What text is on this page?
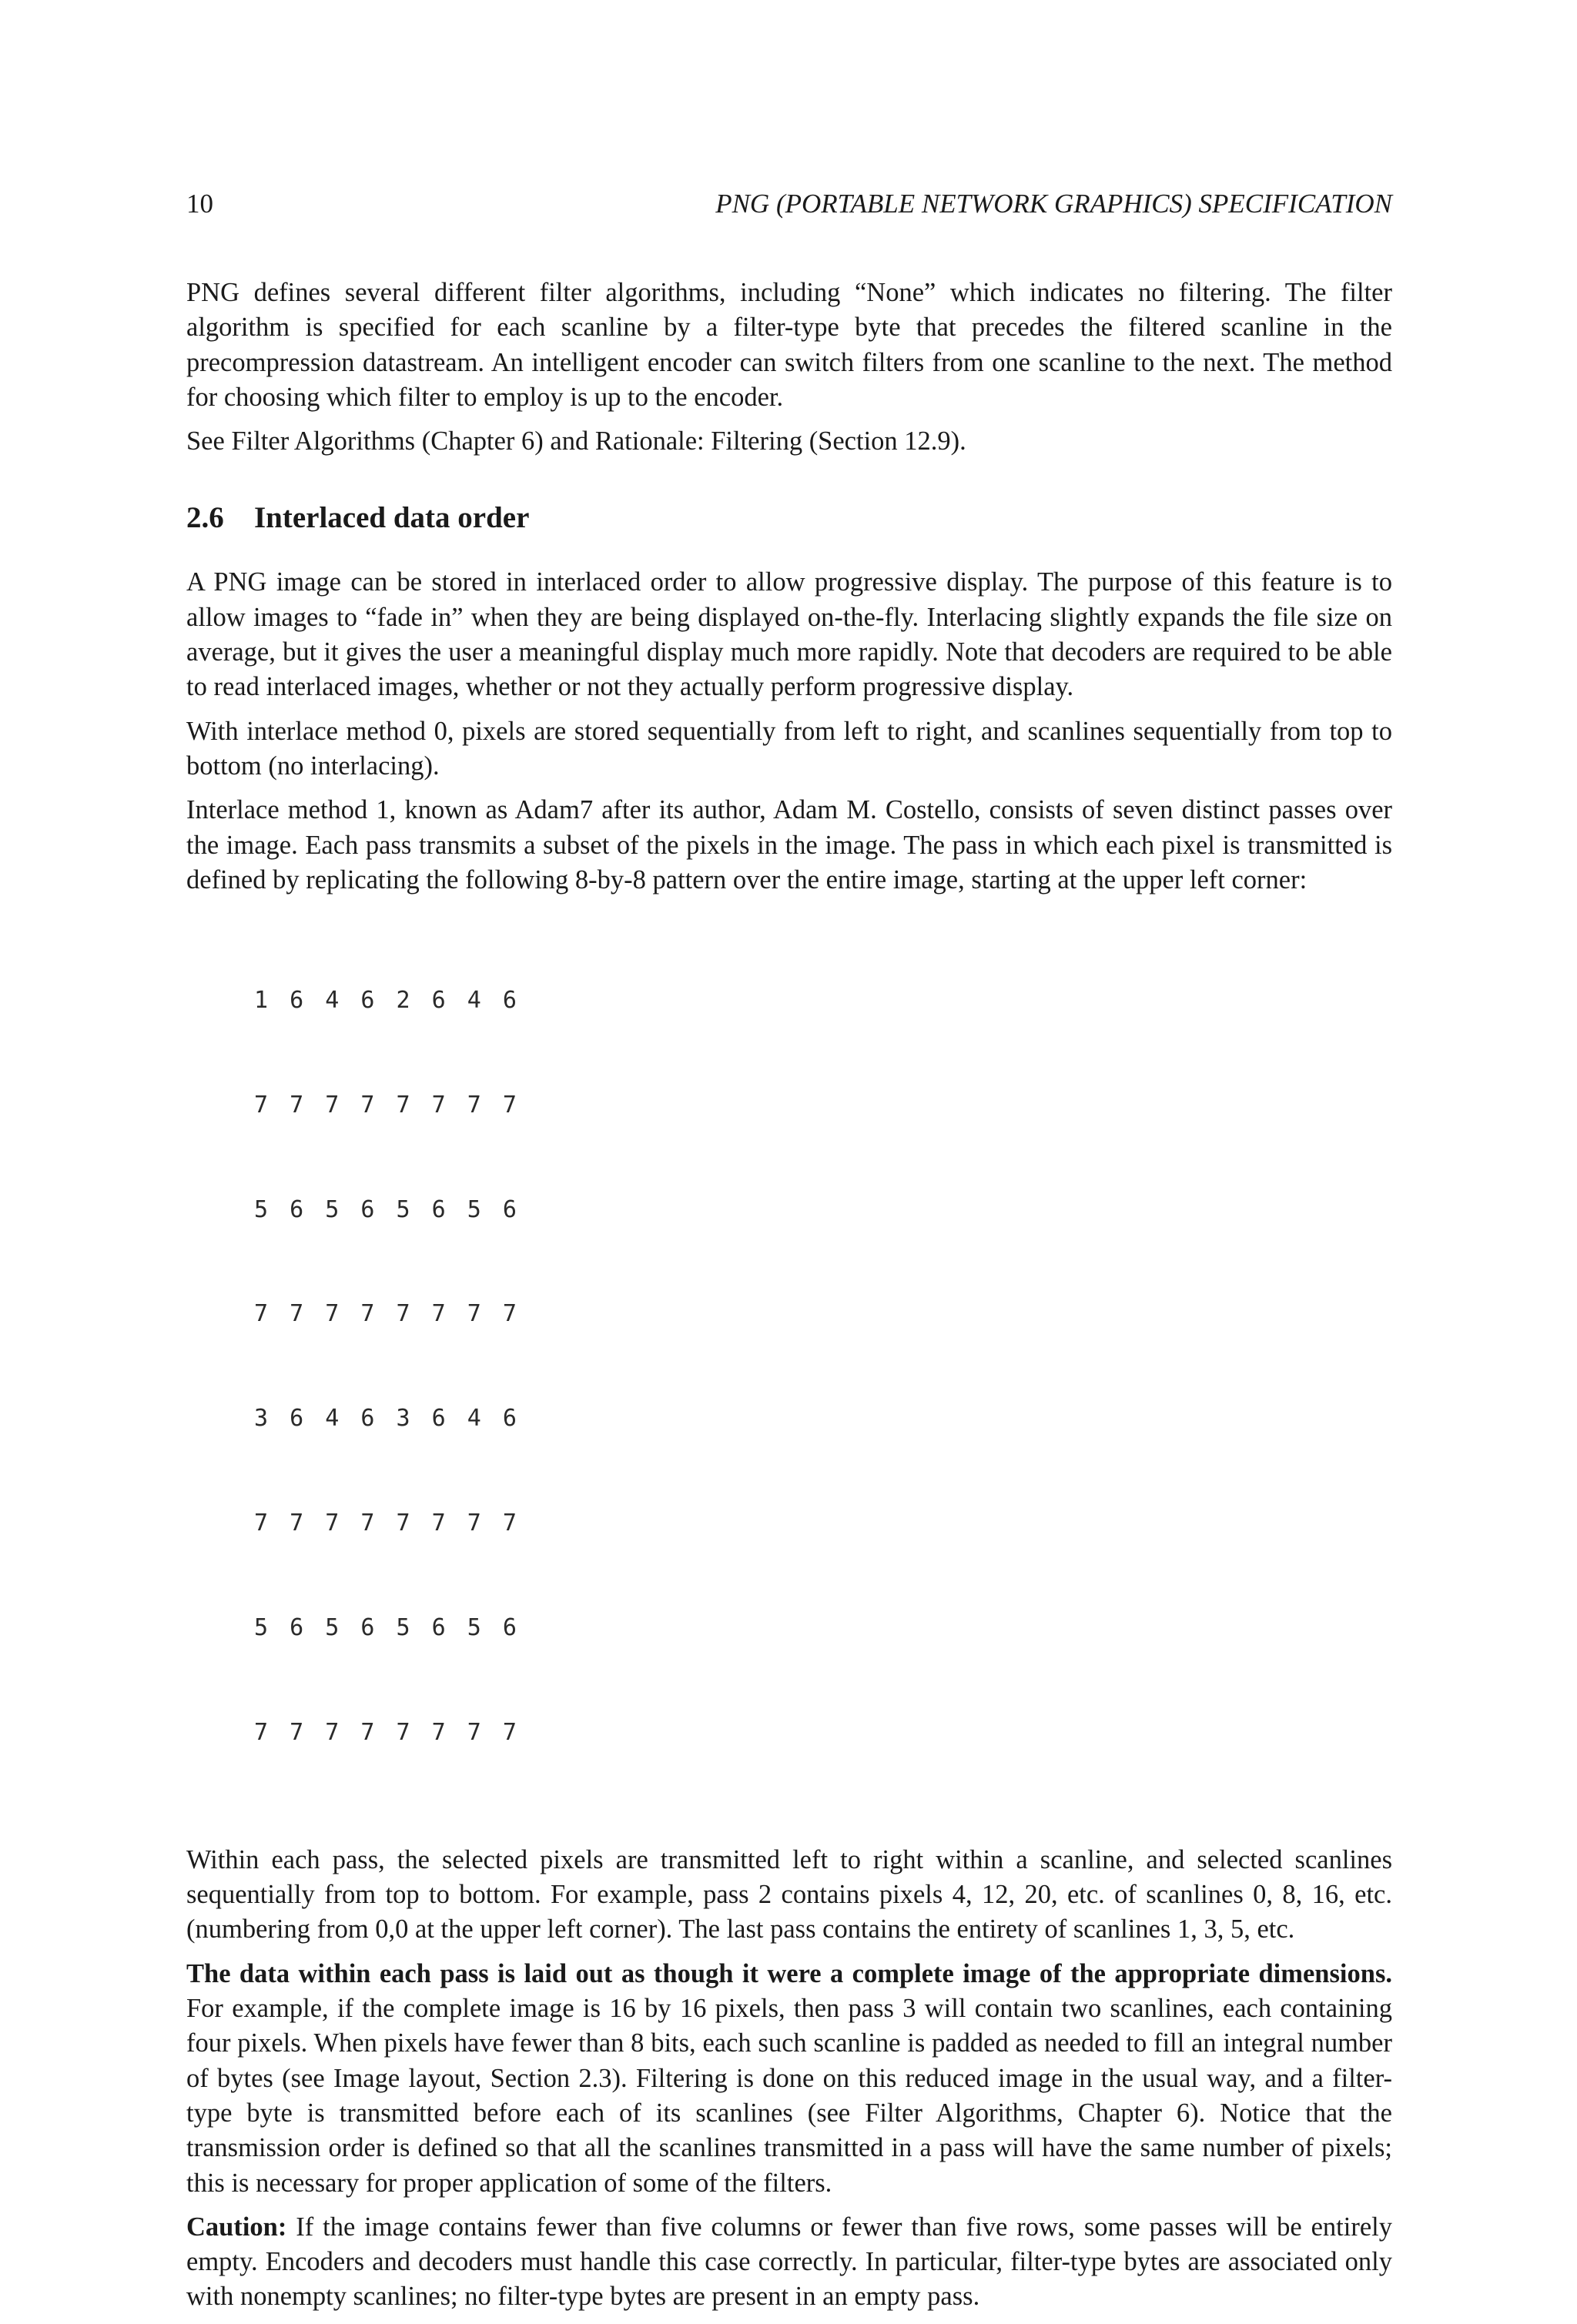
10	PNG (PORTABLE NETWORK GRAPHICS) SPECIFICATION

PNG defines several different filter algorithms, including “None” which indicates no filtering. The filter algorithm is specified for each scanline by a filter-type byte that precedes the filtered scanline in the precompression datastream. An intelligent encoder can switch filters from one scanline to the next. The method for choosing which filter to employ is up to the encoder.

See Filter Algorithms (Chapter 6) and Rationale: Filtering (Section 12.9).

2.6 Interlaced data order

A PNG image can be stored in interlaced order to allow progressive display. The purpose of this feature is to allow images to “fade in” when they are being displayed on-the-fly. Interlacing slightly expands the file size on average, but it gives the user a meaningful display much more rapidly. Note that decoders are required to be able to read interlaced images, whether or not they actually perform progressive display.

With interlace method 0, pixels are stored sequentially from left to right, and scanlines sequentially from top to bottom (no interlacing).

Interlace method 1, known as Adam7 after its author, Adam M. Costello, consists of seven distinct passes over the image. Each pass transmits a subset of the pixels in the image. The pass in which each pixel is transmitted is defined by replicating the following 8-by-8 pattern over the entire image, starting at the upper left corner:

1 6 4 6 2 6 4 6

7 7 7 7 7 7 7 7

5 6 5 6 5 6 5 6

7 7 7 7 7 7 7 7

3 6 4 6 3 6 4 6

7 7 7 7 7 7 7 7

5 6 5 6 5 6 5 6

7 7 7 7 7 7 7 7

Within each pass, the selected pixels are transmitted left to right within a scanline, and selected scanlines sequentially from top to bottom. For example, pass 2 contains pixels 4, 12, 20, etc. of scanlines 0, 8, 16, etc. (numbering from 0,0 at the upper left corner). The last pass contains the entirety of scanlines 1, 3, 5, etc.

The data within each pass is laid out as though it were a complete image of the appropriate dimensions. For example, if the complete image is 16 by 16 pixels, then pass 3 will contain two scanlines, each containing four pixels. When pixels have fewer than 8 bits, each such scanline is padded as needed to fill an integral number of bytes (see Image layout, Section 2.3). Filtering is done on this reduced image in the usual way, and a filter-type byte is transmitted before each of its scanlines (see Filter Algorithms, Chapter 6). Notice that the transmission order is defined so that all the scanlines transmitted in a pass will have the same number of pixels; this is necessary for proper application of some of the filters.

Caution: If the image contains fewer than five columns or fewer than five rows, some passes will be entirely empty. Encoders and decoders must handle this case correctly. In particular, filter-type bytes are associated only with nonempty scanlines; no filter-type bytes are present in an empty pass.
